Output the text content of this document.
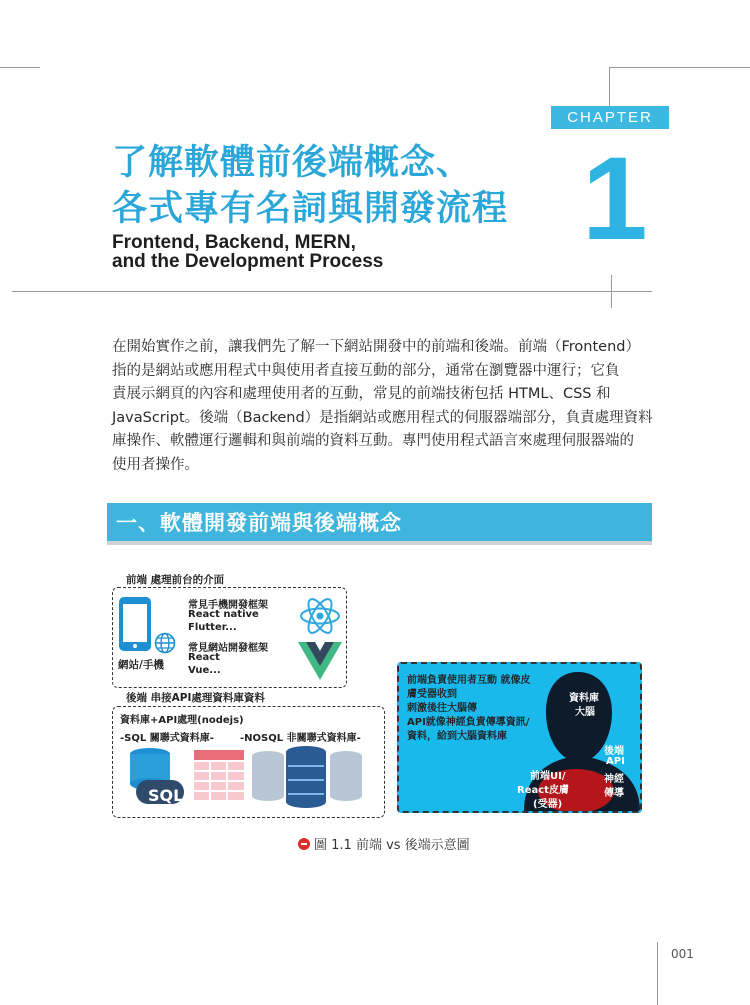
CHAPTER
1
了解軟體前後端概念、
各式專有名詞與開發流程
Frontend, Backend, MERN,
and the Development Process

在開始實作之前，讓我們先了解一下網站開發中的前端和後端。前端（Frontend）

指的是網站或應用程式中與使用者直接互動的部分，通常在瀏覽器中運行；它負

責展示網頁的內容和處理使用者的互動，常見的前端技術包括 HTML、CSS 和

JavaScript。後端（Backend）是指網站或應用程式的伺服器端部分，負責處理資料

庫操作、軟體運行邏輯和與前端的資料互動。專門使用程式語言來處理伺服器端的

使用者操作。

一、軟體開發前端與後端概念
前端 處理前台的介面
網站/手機
常見手機開發框架
React native
Flutter...
常見網站開發框架
React
Vue...
後端 串接API處理資料庫資料
資料庫+API處理(nodejs)
-SQL 關聯式資料庫-	-NOSQL 非關聯式資料庫-
SQL
前端負責使用者互動 就像皮
膚受器收到
刺激後往大腦傳
API就像神經負責傳導資訊/
資料，給到大腦資料庫
資料庫
大腦
後端
API
神經
傳導
前端UI/
React皮膚
(受器)
圖 1.1 前端 vs 後端示意圖
001
